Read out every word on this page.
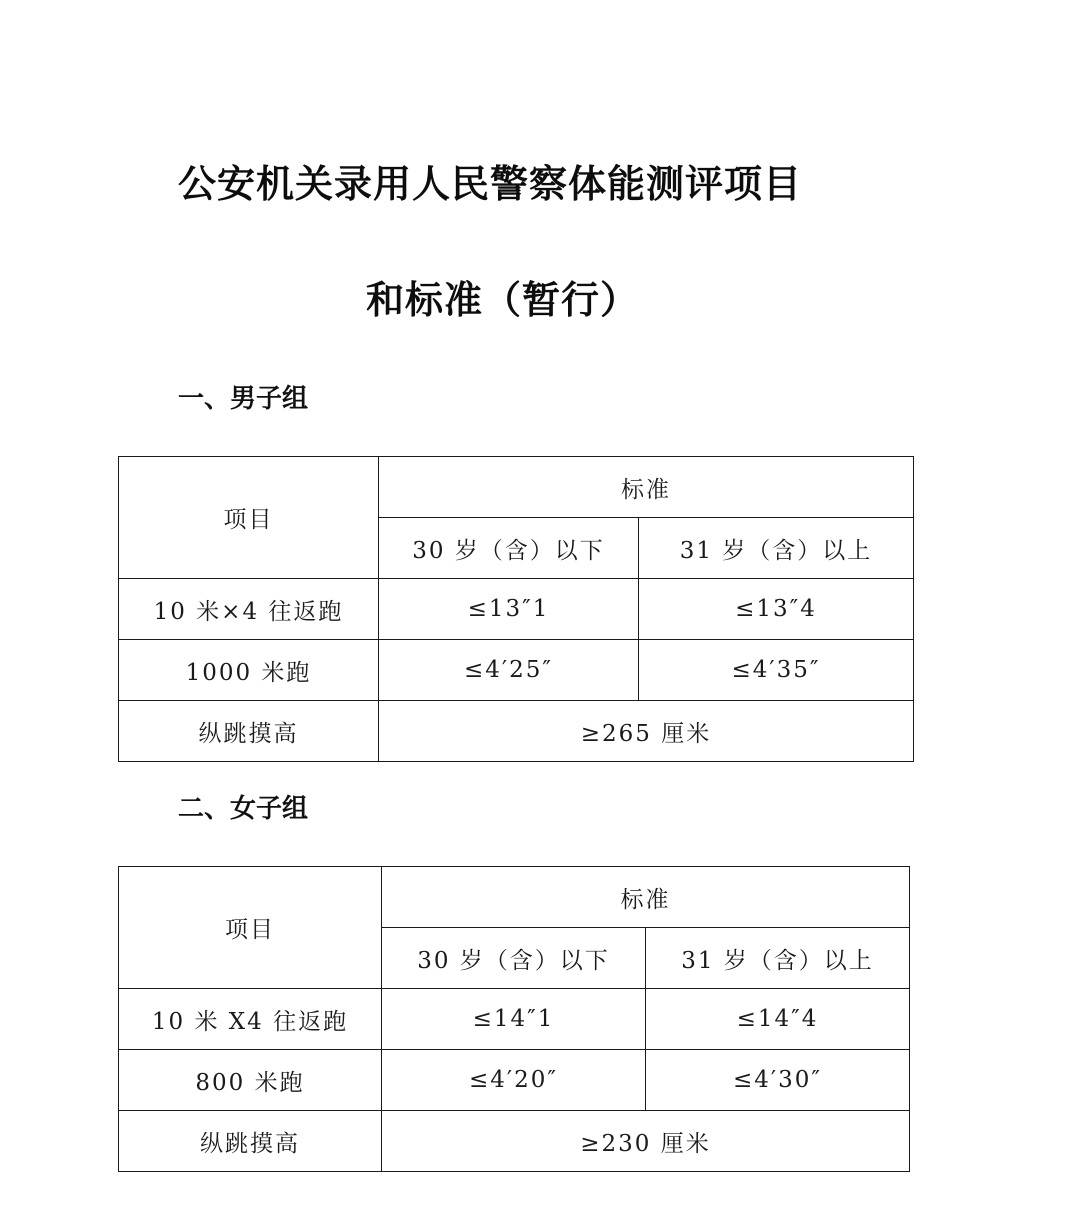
公安机关录用人民警察体能测评项目
和标准（暂行）
一、男子组
项目	标准	
	30 岁（含）以下	31 岁（含）以上
10 米×4 往返跑	≤13″1	≤13″4
1000 米跑	≤4′25″	≤4′35″
纵跳摸高	≥265 厘米	
二、女子组
项目	标准	
	30 岁（含）以下	31 岁（含）以上
10 米 X4 往返跑	≤14″1	≤14″4
800 米跑	≤4′20″	≤4′30″
纵跳摸高	≥230 厘米	
